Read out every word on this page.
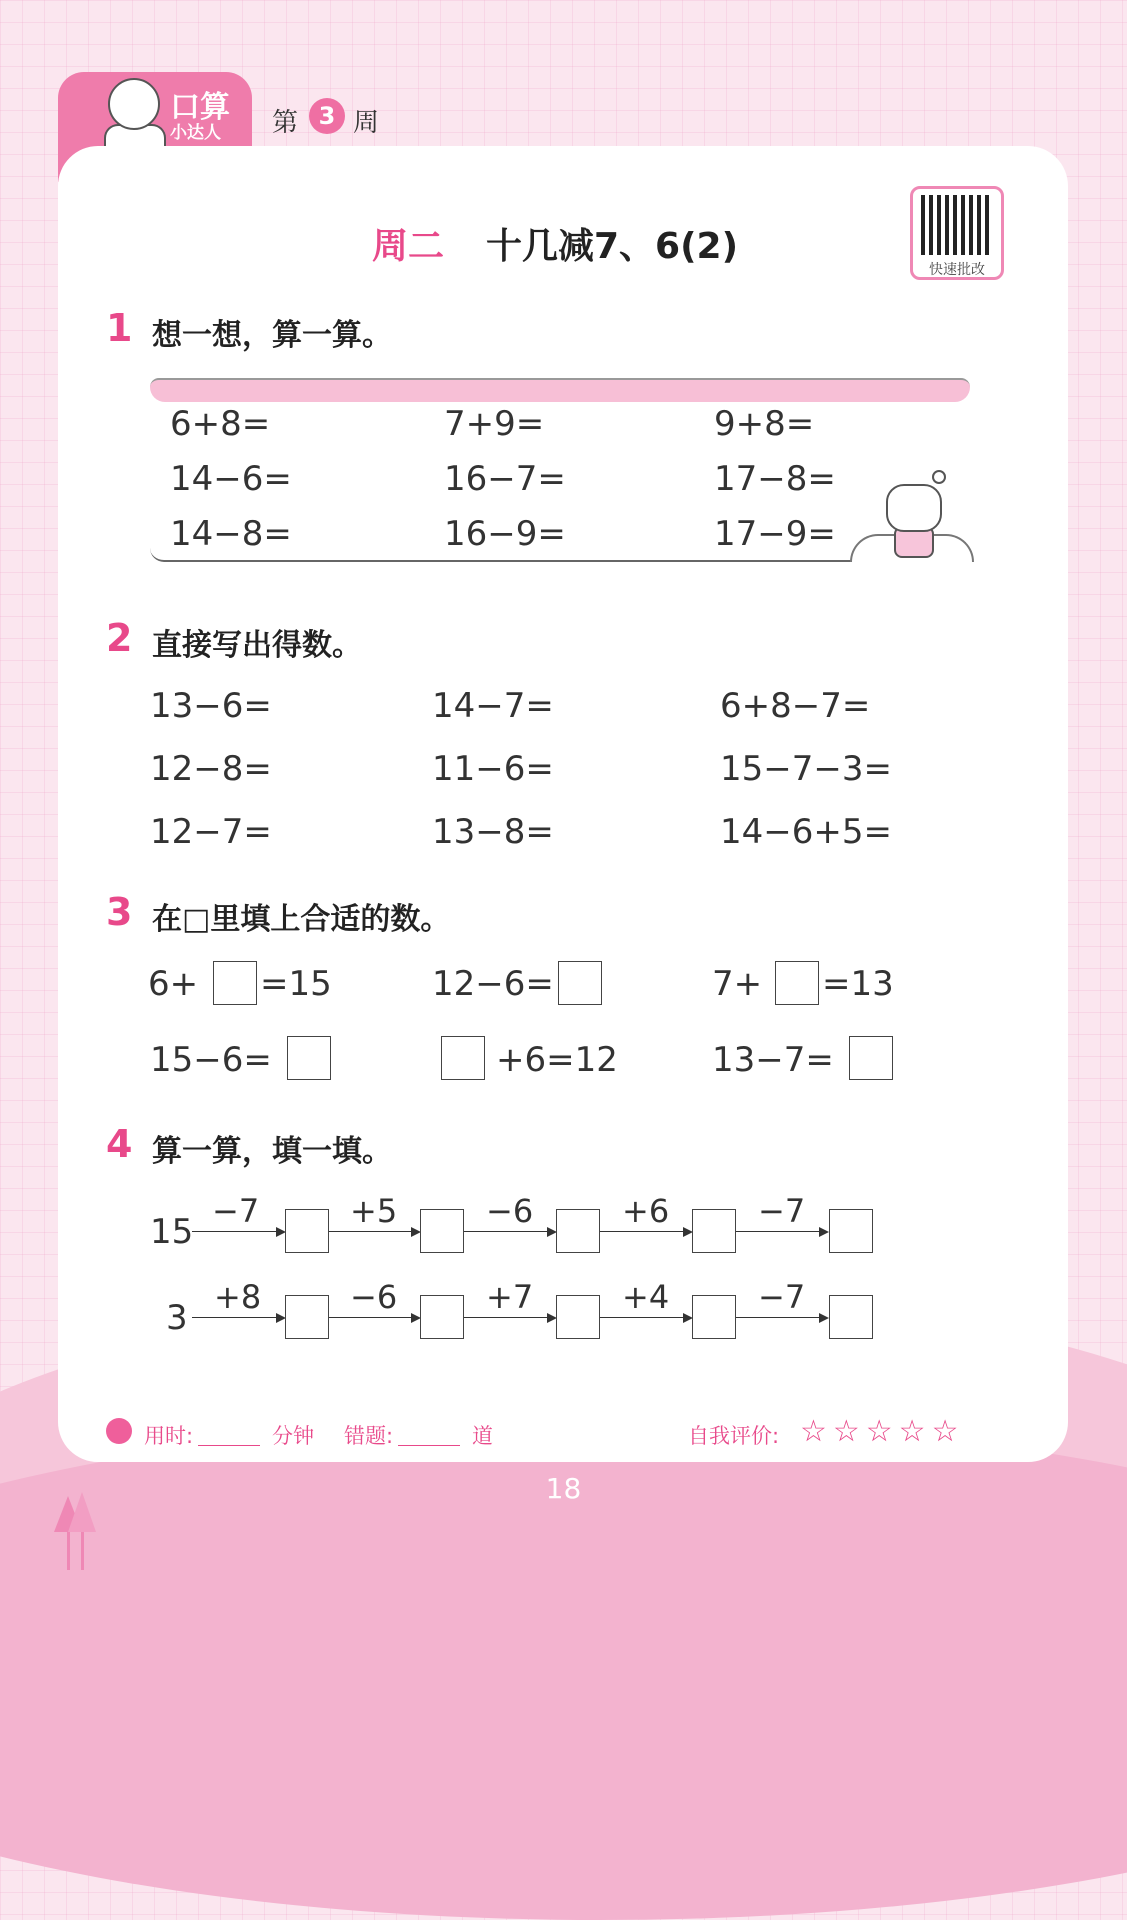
口算
小达人 第 3 周
周二 十几减7、6(2)
快速批改
1 想一想，算一算。
6+8=	7+9=	9+8=
14−6=	16−7=	17−8=
14−8=	16−9=	17−9=
2 直接写出得数。
13−6=	14−7=	6+8−7=
12−8=	11−6=	15−7−3=
12−7=	13−8=	14−6+5=
3 在□里填上合适的数。
6+ =15	12−6=	7+ =13
15−6=	+6=12	13−7=
4 算一算，填一填。
15
−7	+5	−6	+6	−7
3
+8	−6	+7	+4	−7
用时:	分钟 错题:	道	自我评价: ☆☆☆☆☆
18
